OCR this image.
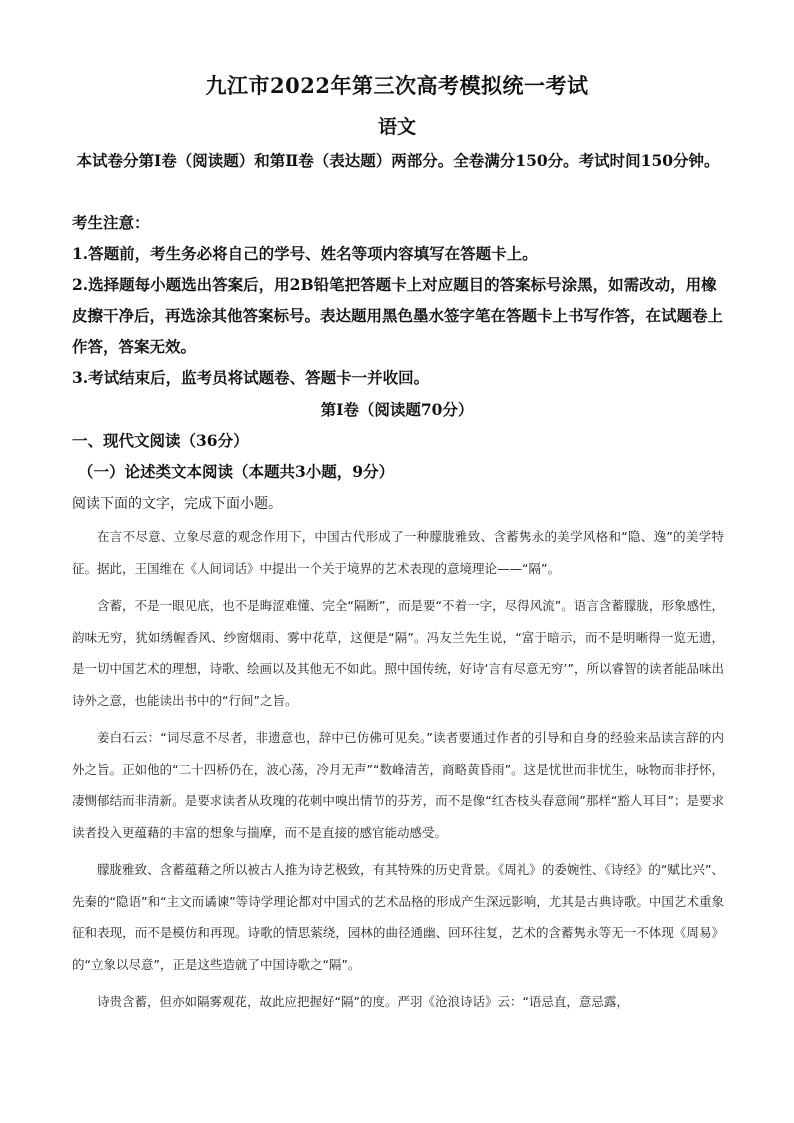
九江市2022年第三次高考模拟统一考试
语文
本试卷分第Ⅰ卷（阅读题）和第Ⅱ卷（表达题）两部分。全卷满分150分。考试时间150分钟。

考生注意：

1.答题前，考生务必将自己的学号、姓名等项内容填写在答题卡上。

2.选择题每小题选出答案后，用2B铅笔把答题卡上对应题目的答案标号涂黑，如需改动，用橡皮擦干净后，再选涂其他答案标号。表达题用黑色墨水签字笔在答题卡上书写作答，在试题卷上作答，答案无效。

3.考试结束后，监考员将试题卷、答题卡一并收回。

第Ⅰ卷（阅读题70分）
一、现代文阅读（36分）
（一）论述类文本阅读（本题共3小题，9分）
阅读下面的文字，完成下面小题。

在言不尽意、立象尽意的观念作用下，中国古代形成了一种朦胧雅致、含蓄隽永的美学风格和“隐、逸”的美学特征。据此，王国维在《人间词话》中提出一个关于境界的艺术表现的意境理论——“隔”。

含蓄，不是一眼见底，也不是晦涩难懂、完全“隔断”，而是要“不着一字，尽得风流”。语言含蓄朦胧，形象感性，韵味无穷，犹如绣幄香风、纱窗烟雨、雾中花草，这便是“隔”。冯友兰先生说，“富于暗示，而不是明晰得一览无遗，是一切中国艺术的理想，诗歌、绘画以及其他无不如此。照中国传统，好诗‘言有尽意无穷’”，所以睿智的读者能品味出诗外之意，也能读出书中的“行间”之旨。

姜白石云：“词尽意不尽者，非遗意也，辞中已仿佛可见矣。”读者要通过作者的引导和自身的经验来品读言辞的内外之旨。正如他的“二十四桥仍在，波心荡，冷月无声”“数峰清苦，商略黄昏雨”。这是忧世而非忧生，咏物而非抒怀，凄恻郁结而非清新。是要求读者从玫瑰的花刺中嗅出情节的芬芳，而不是像“红杏枝头春意闹”那样“豁人耳目”；是要求读者投入更蕴藉的丰富的想象与揣摩，而不是直接的感官能动感受。

朦胧雅致、含蓄蕴藉之所以被古人推为诗艺极致，有其特殊的历史背景。《周礼》的委婉性、《诗经》的“赋比兴”、先秦的“隐语”和“主文而谲谏”等诗学理论都对中国式的艺术品格的形成产生深远影响，尤其是古典诗歌。中国艺术重象征和表现，而不是模仿和再现。诗歌的情思萦绕，园林的曲径通幽、回环往复，艺术的含蓄隽永等无一不体现《周易》的“立象以尽意”，正是这些造就了中国诗歌之“隔”。

诗贵含蓄，但亦如隔雾观花，故此应把握好“隔”的度。严羽《沧浪诗话》云：“语忌直，意忌露，
